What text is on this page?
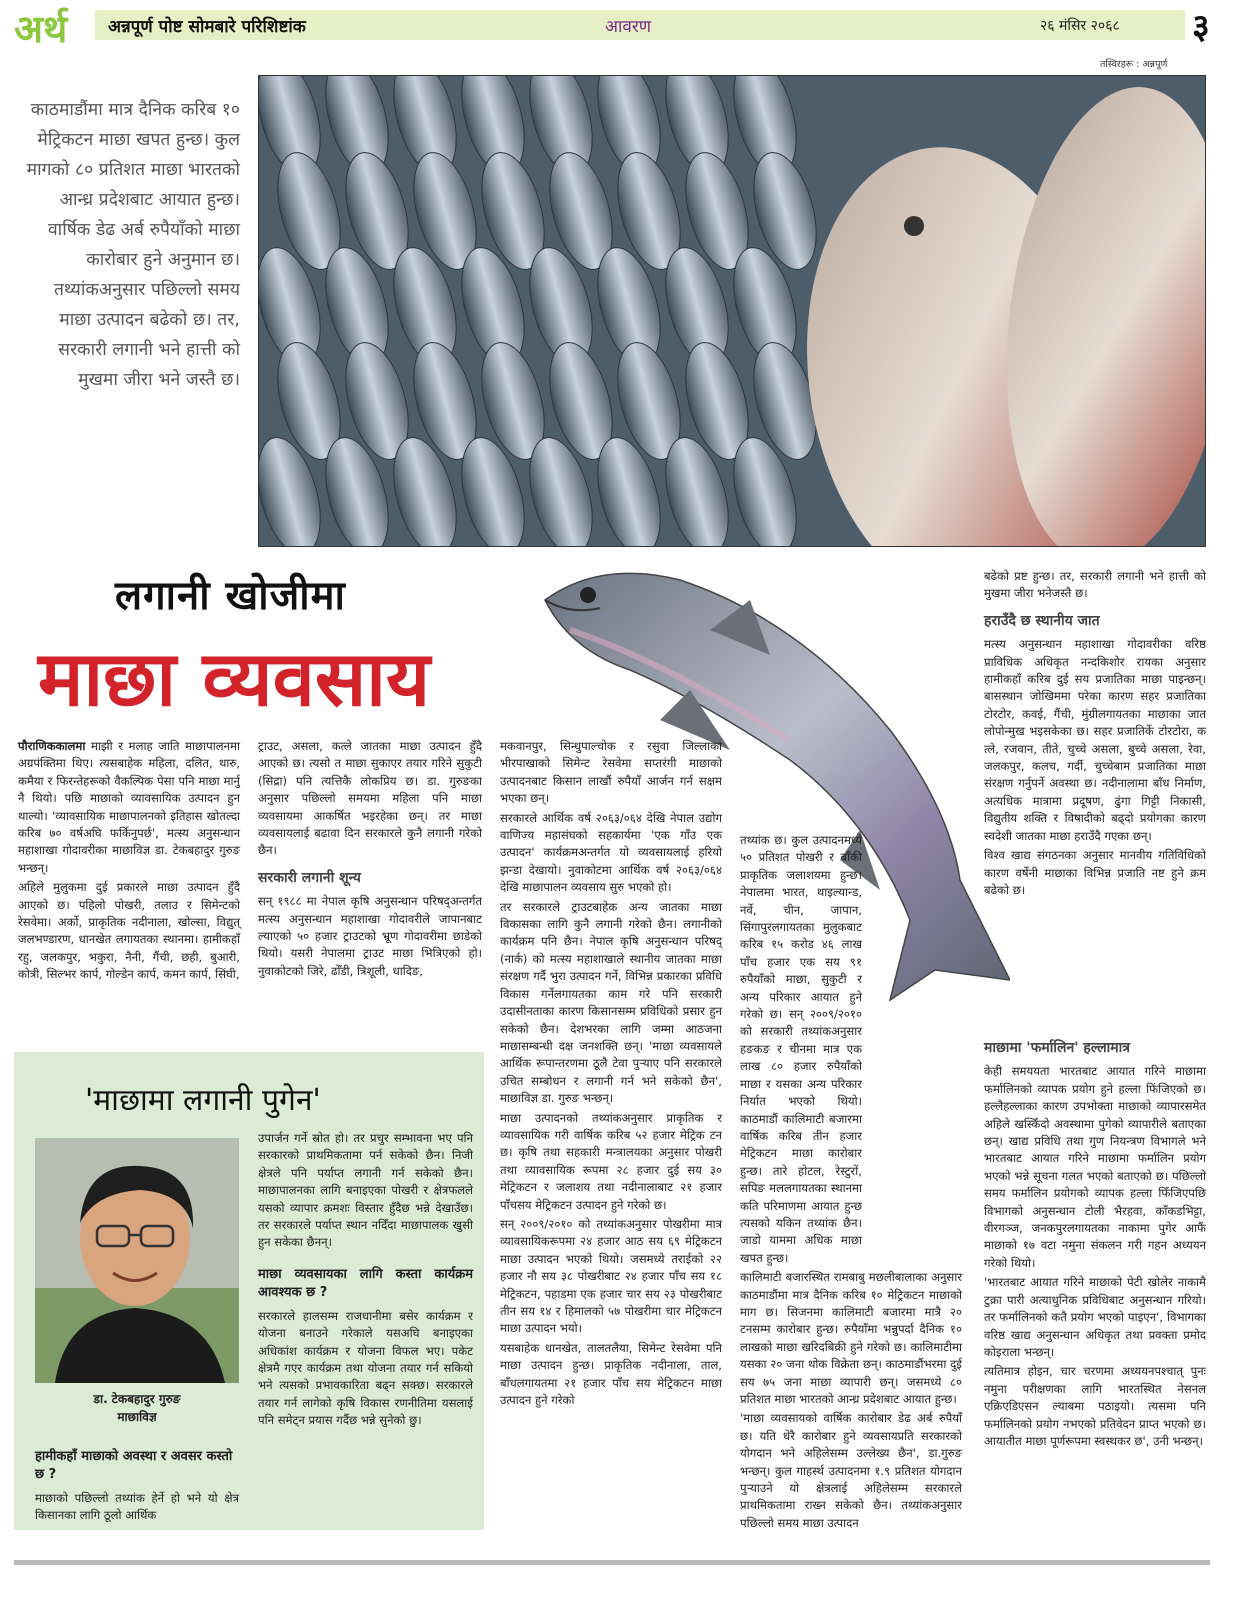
अर्थ अन्नपूर्ण पोष्ट सोमबारे परिशिष्टांक	आवरण	२६ मंसिर २०६८ ३
तस्विरहरू : अन्नपूर्ण
काठमाडौंमा मात्र दैनिक करिब १० मेट्रिकटन माछा खपत हुन्छ। कुल मागको ८० प्रतिशत माछा भारतको आन्ध्र प्रदेशबाट आयात हुन्छ। वार्षिक डेढ अर्ब रुपैयाँको माछा कारोबार हुने अनुमान छ। तथ्यांकअनुसार पछिल्लो समय माछा उत्पादन बढेको छ। तर, सरकारी लगानी भने हात्ती को मुखमा जीरा भने जस्तै छ।
लगानी खोजीमा
माछा व्यवसाय

पौराणिककालमा माझी र मलाह जाति माछापालनमा अग्रपंक्तिमा थिए। त्यसबाहेक महिला, दलित, थारु, कमैया र फिरन्तेहरूको वैकल्पिक पेसा पनि माछा मार्नु नै थियो। पछि माछाको व्यावसायिक उत्पादन हुन थाल्यो। 'व्यावसायिक माछापालनको इतिहास खोतल्दा करिब ७० वर्षअघि फर्किनुपर्छ', मत्स्य अनुसन्धान महाशाखा गोदावरीका माछाविज्ञ डा. टेकबहादुर गुरुङ भन्छन्।

अहिले मुलुकमा दुई प्रकारले माछा उत्पादन हुँदै आएको छ। पहिलो पोखरी, तलाउ र सिमेन्टको रेसवेमा। अर्को, प्राकृतिक नदीनाला, खोल्सा, विद्युत् जलभण्डारण, धानखेत लगायतका स्थानमा। हामीकहाँ रहु, जलकपुर, भकुरा, नैनी, गैंची, छही, बुआरी, कोत्री, सिल्भर कार्प, गोल्डेन कार्प, कमन कार्प, सिंघी,

ट्राउट, असला, कत्ले जातका माछा उत्पादन हुँदै आएको छ। त्यसो त माछा सुकाएर तयार गरिने सुकुटी (सिद्रा) पनि त्यत्तिकै लोकप्रिय छ। डा. गुरुङका अनुसार पछिल्लो समयमा महिला पनि माछा व्यवसायमा आकर्षित भइरहेका छन्। तर माछा व्यवसायलाई बढावा दिन सरकारले कुनै लगानी गरेको छैन।

सरकारी लगानी शून्य

सन् १९८८ मा नेपाल कृषि अनुसन्धान परिषद्अन्तर्गत मत्स्य अनुसन्धान महाशाखा गोदावरीले जापानबाट ल्याएको ५० हजार ट्राउटको भ्रूण गोदावरीमा छाडेको थियो। यसरी नेपालमा ट्राउट माछा भित्रिएको हो। नुवाकोटको जिरे, ढोँडी, त्रिशूली, धादिङ,

मकवानपुर, सिन्धुपाल्चोक र रसुवा जिल्लाका भीरपाखाको सिमेन्ट रेसवेमा सप्तरंगी माछाको उत्पादनबाट किसान लाखौं रुपैयाँ आर्जन गर्न सक्षम भएका छन्।

सरकारले आर्थिक वर्ष २०६३/०६४ देखि नेपाल उद्योग वाणिज्य महासंघको सहकार्यमा 'एक गाँउ एक उत्पादन' कार्यक्रमअन्तर्गत यो व्यवसायलाई हरियो झन्डा देखायो। नुवाकोटमा आर्थिक वर्ष २०६३/०६४ देखि माछापालन व्यवसाय सुरु भएको हो।

तर सरकारले ट्राउटबाहेक अन्य जातका माछा विकासका लागि कुनै लगानी गरेको छैन। लगानीको कार्यक्रम पनि छैन। नेपाल कृषि अनुसन्धान परिषद् (नार्क) को मत्स्य महाशाखाले स्थानीय जातका माछा संरक्षण गर्दै भुरा उत्पादन गर्ने, विभिन्न प्रकारका प्रविधि विकास गर्नेलगायतका काम गरे पनि सरकारी उदासीनताका कारण किसानसम्म प्रविधिको प्रसार हुन सकेको छैन। देशभरका लागि जम्मा आठजना माछासम्बन्धी दक्ष जनशक्ति छन्। 'माछा व्यवसायले आर्थिक रूपान्तरणमा ठूलै टेवा पुऱ्याए पनि सरकारले उचित सम्बोधन र लगानी गर्न भने सकेको छैन', माछाविज्ञ डा. गुरुङ भन्छन्।

माछा उत्पादनको तथ्यांकअनुसार प्राकृतिक र व्यावसायिक गरी वार्षिक करिब ५२ हजार मेट्रिक टन छ। कृषि तथा सहकारी मन्त्रालयका अनुसार पोखरी तथा व्यावसायिक रूपमा २८ हजार दुई सय ३० मेट्रिकटन र जलाशय तथा नदीनालाबाट २१ हजार पाँचसय मेट्रिकटन उत्पादन हुने गरेको छ।

सन् २००९/२०१० को तथ्यांकअनुसार पोखरीमा मात्र व्यावसायिकरूपमा २४ हजार आठ सय ६९ मेट्रिकटन माछा उत्पादन भएको थियो। जसमध्ये तराईको २२ हजार नौ सय ३८ पोखरीबाट २४ हजार पाँच सय १८ मेट्रिकटन, पहाडमा एक हजार चार सय २३ पोखरीबाट तीन सय १४ र हिमालको ५७ पोखरीमा चार मेट्रिकटन माछा उत्पादन भयो।

यसबाहेक धानखेत, तालतलैया, सिमेन्ट रेसवेमा पनि माछा उत्पादन हुन्छ। प्राकृतिक नदीनाला, ताल, बाँधलगायतमा २१ हजार पाँच सय मेट्रिकटन माछा उत्पादन हुने गरेको

तथ्यांक छ। कुल उत्पादनमध्ये ५० प्रतिशत पोखरी र बाँकी प्राकृतिक जलाशयमा हुन्छ। नेपालमा भारत, थाइल्यान्ड, नर्वे, चीन, जापान, सिंगापुरलगायतका मुलुकबाट करिब १५ करोड ४६ लाख पाँच हजार एक सय ९१ रुपैयाँको माछा, सुकुटी र अन्य परिकार आयात हुने गरेको छ। सन् २००९/२०१० को सरकारी तथ्यांकअनुसार हङकङ र चीनमा मात्र एक लाख ८० हजार रुपैयाँको माछा र यसका अन्य परिकार निर्यात भएको थियो। काठमाडौं कालिमाटी बजारमा वार्षिक करिब तीन हजार मेट्रिकटन माछा कारोबार हुन्छ। तारे होटल, रेस्टुरों, सपिङ मललगायतका स्थानमा कति परिमाणमा आयात हुन्छ त्यसको यकिन तथ्यांक छैन। जाडो याममा अधिक माछा खपत हुन्छ।

कालिमाटी बजारस्थित रामबाबु मछलीबालाका अनुसार काठमाडौंमा मात्र दैनिक करिब १० मेट्रिकटन माछाको माग छ। सिजनमा कालिमाटी बजारमा मात्रै २० टनसम्म कारोबार हुन्छ। रुपैयाँमा भन्नुपर्दा दैनिक १० लाखको माछा खरिदबिक्री हुने गरेको छ। कालिमाटीमा यसका २० जना थोक विक्रेता छन्। काठमाडौंभरमा दुई सय ७५ जना माछा व्यापारी छन्। जसमध्ये ८० प्रतिशत माछा भारतको आन्ध्र प्रदेशबाट आयात हुन्छ।

'माछा व्यवसायको वार्षिक कारोबार डेढ अर्ब रुपैयाँ छ। यति धेरै कारोबार हुने व्यवसायप्रति सरकारको योगदान भने अहिलेसम्म उल्लेख्य छैन', डा.गुरुङ भन्छन्। कुल गाहर्स्थ उत्पादनमा १.९ प्रतिशत योगदान पुऱ्याउने यो क्षेत्रलाई अहिलेसम्म सरकारले प्राथमिकतामा राख्न सकेको छैन। तथ्यांकअनुसार पछिल्लो समय माछा उत्पादन

बढेको प्रष्ट हुन्छ। तर, सरकारी लगानी भने हात्ती को मुखमा जीरा भनेजस्तै छ।

हराउँदै छ स्थानीय जात

मत्स्य अनुसन्धान महाशाखा गोदावरीका वरिष्ठ प्राविधिक अधिकृत नन्दकिशोर रायका अनुसार हामीकहाँ करिब दुई सय प्रजातिका माछा पाइन्छन्। बासस्थान जोखिममा परेका कारण सहर प्रजातिका टोरटोर, कवई, गैंची, मुंग्रीलगायतका माछाका जात लोपोन्मुख भइसकेका छ। सहर प्रजातिर्के टोरटोरा, क त्ले, रजवान, तीते, चुच्चे असला, बुच्चे असला, रेवा, जलकपुर, कलच, गर्दी, चुच्चेबाम प्रजातिका माछा संरक्षण गर्नुपर्ने अवस्था छ। नदीनालामा बाँध निर्माण, अत्यधिक मात्रामा प्रदूषण, ढुंगा गिट्टी निकासी, विद्युतीय शक्ति र विषादीको बढ्दो प्रयोगका कारण स्वदेशी जातका माछा हराउँदै गएका छन्।

विश्व खाद्य संगठनका अनुसार मानवीय गतिविधिको कारण वर्षेनी माछाका विभिन्न प्रजाति नष्ट हुने क्रम बढेको छ।

माछामा 'फर्मालिन' हल्लामात्र

केही समययता भारतबाट आयात गरिने माछामा फर्मालिनको व्यापक प्रयोग हुने हल्ला फिंजिएको छ। हल्लैहल्लाका कारण उपभोक्ता माछाको व्यापारसमेत अहिले खस्किँदो अवस्थामा पुगेको व्यापारीले बताएका छन्। खाद्य प्रविधि तथा गुण नियन्त्रण विभागले भने भारतबाट आयात गरिने माछामा फर्मालिन प्रयोग भएको भन्ने सूचना गलत भएको बताएको छ। पछिल्लो समय फर्मालिन प्रयोगको व्यापक हल्ला फिँजिएपछि विभागको अनुसन्धान टोली भैरहवा, काँकडभिट्टा, वीरगञ्ज, जनकपुरलगायतका नाकामा पुगेर आफैं माछाको १७ वटा नमुना संकलन गरी गहन अध्ययन गरेको थियो।

'भारतबाट आयात गरिने माछाको पेटी खोलेर नाकामै टुक्रा पारी अत्याधुनिक प्रविधिबाट अनुसन्धान गरियो। तर फर्मालिनको कतै प्रयोग भएको पाइएन', विभागका वरिष्ठ खाद्य अनुसन्धान अधिकृत तथा प्रवक्ता प्रमोद कोइराला भन्छन्।

त्यतिमात्र होइन, चार चरणमा अध्ययनपश्चात् पुनः नमुना परीक्षणका लागि भारतस्थित नेसनल एक्रिएडिएसन ल्याबमा पठाइयो। त्यसमा पनि फर्मालिनको प्रयोग नभएको प्रतिवेदन प्राप्त भएको छ। आयातीत माछा पूर्णरूपमा स्वस्थकर छ', उनी भन्छन्।

'माछामा लगानी पुगेन'
डा. टेकबहादुर गुरुङ
माछाविज्ञ
हामीकहाँ माछाको अवस्था र अवसर कस्तो छ ?
माछाको पछिल्लो तथ्यांक हेर्ने हो भने यो क्षेत्र किसानका लागि ठूलो आर्थिक

उपार्जन गर्ने स्रोत हो। तर प्रचुर सम्भावना भए पनि सरकारको प्राथमिकतामा पर्न सकेको छैन। निजी क्षेत्रले पनि पर्याप्त लगानी गर्न सकेको छैन। माछापालनका लागि बनाइएका पोखरी र क्षेत्रफलले यसको व्यापार क्रमशः विस्तार हुँदैछ भन्ने देखाउँछ। तर सरकारले पर्याप्त स्थान नदिँदा माछापालक खुसी हुन सकेका छैनन्।

माछा व्यवसायका लागि कस्ता कार्यक्रम आवश्यक छ ?

सरकारले हालसम्म राजधानीमा बसेर कार्यक्रम र योजना बनाउने गरेकाले यसअघि बनाइएका अधिकांश कार्यक्रम र योजना विफल भए। पकेट क्षेत्रमै गएर कार्यक्रम तथा योजना तयार गर्न सकियो भने त्यसको प्रभावकारिता बढ्न सक्छ। सरकारले तयार गर्न लागेको कृषि विकास रणनीतिमा यसलाई पनि समेट्न प्रयास गर्दैछ भन्ने सुनेको छु।
